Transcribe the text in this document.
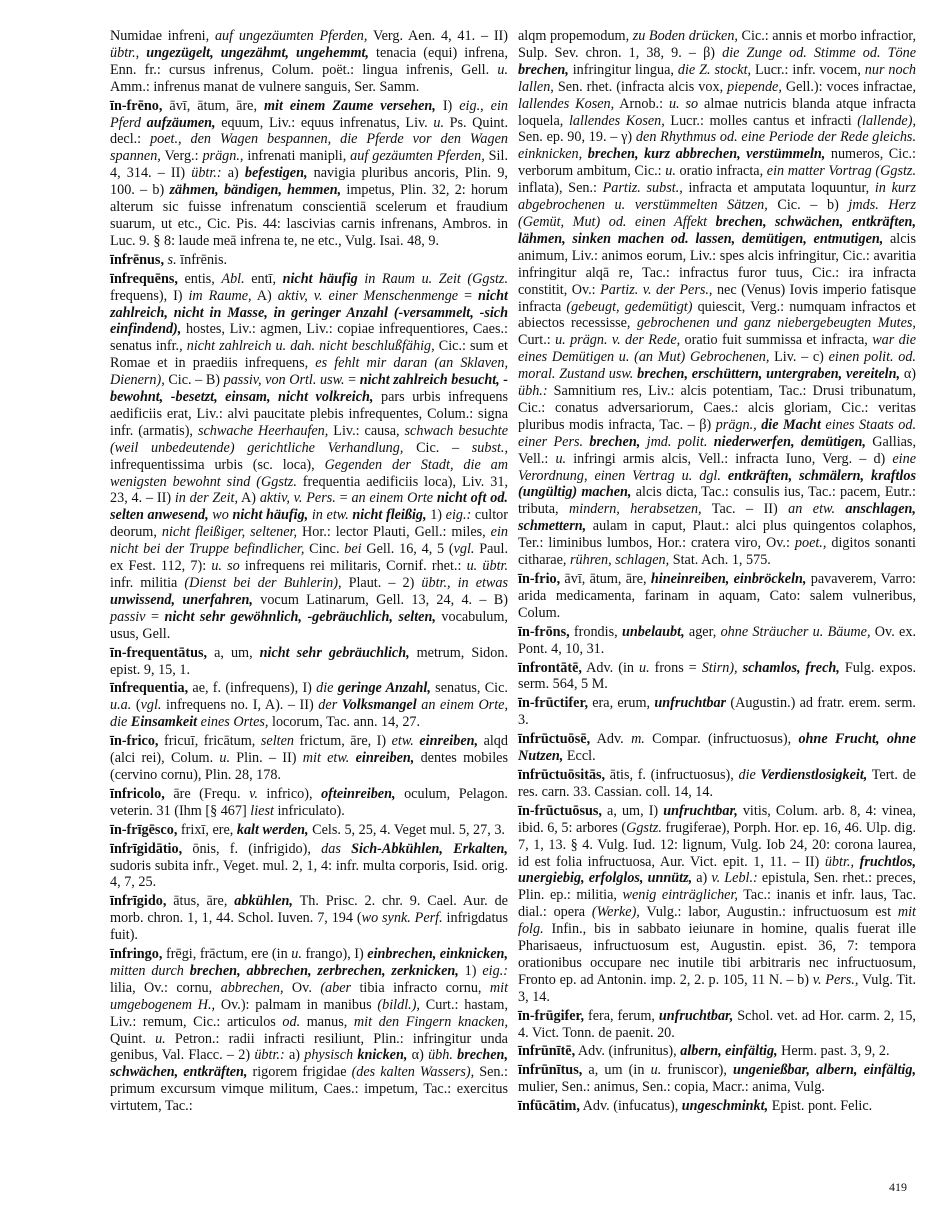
Numidae infreni, auf ungezäumten Pferden, Verg. Aen. 4, 41. – II) übtr., ungezügelt, ungezähmt, ungehemmt, tenacia (equi) infrena, Enn. fr.: cursus infrenus, Colum. poët.: lingua infrenis, Gell. u. Amm.: infrenus manat de vulnere sanguis, Ser. Samm.

īn-frēno, āvī, ātum, āre, mit einem Zaume versehen, I) eig., ein Pferd aufzäumen, equum, Liv.: equus infrenatus, Liv. u. Ps. Quint. decl.: poet., den Wagen bespannen, die Pferde vor den Wagen spannen, Verg.: prägn., infrenati manipli, auf gezäumten Pferden, Sil. 4, 314. – II) übtr.: a) befestigen, navigia pluribus ancoris, Plin. 9, 100. – b) zähmen, bändigen, hemmen, impetus, Plin. 32, 2: horum alterum sic fuisse infrenatum conscientiā scelerum et fraudium suarum, ut etc., Cic. Pis. 44: lascivias carnis infrenans, Ambros. in Luc. 9. § 8: laude meā infrena te, ne etc., Vulg. Isai. 48, 9.

īnfrēnus, s. īnfrēnis.

īnfrequēns, entis, Abl. entī, nicht häufig in Raum u. Zeit (Ggstz. frequens), I) im Raume, A) aktiv, v. einer Menschenmenge = nicht zahlreich, nicht in Masse, in geringer Anzahl (-versammelt, -sich einfindend), hostes, Liv.: agmen, Liv.: copiae infrequentiores, Caes.: senatus infr., nicht zahlreich u. dah. nicht beschlußfähig, Cic.: sum et Romae et in praediis infrequens, es fehlt mir daran (an Sklaven, Dienern), Cic. – B) passiv, von Ortl. usw. = nicht zahlreich besucht, -bewohnt, -besetzt, einsam, nicht volkreich, pars urbis infrequens aedificiis erat, Liv.: alvi paucitate plebis infrequentes, Colum.: signa infr. (armatis), schwache Heerhaufen, Liv.: causa, schwach besuchte (weil unbedeutende) gerichtliche Verhandlung, Cic. – subst., infrequentissima urbis (sc. loca), Gegenden der Stadt, die am wenigsten bewohnt sind (Ggstz. frequentia aedificiis loca), Liv. 31, 23, 4. – II) in der Zeit, A) aktiv, v. Pers. = an einem Orte nicht oft od. selten anwesend, wo nicht häufig, in etw. nicht fleißig, 1) eig.: cultor deorum, nicht fleißiger, seltener, Hor.: lector Plauti, Gell.: miles, ein nicht bei der Truppe befindlicher, Cinc. bei Gell. 16, 4, 5 (vgl. Paul. ex Fest. 112, 7): u. so infrequens rei militaris, Cornif. rhet.: u. übtr. infr. militia (Dienst bei der Buhlerin), Plaut. – 2) übtr., in etwas unwissend, unerfahren, vocum Latinarum, Gell. 13, 24, 4. – B) passiv = nicht sehr gewöhnlich, -gebräuchlich, selten, vocabulum, usus, Gell.

īn-frequentātus, a, um, nicht sehr gebräuchlich, metrum, Sidon. epist. 9, 15, 1.

īnfrequentia, ae, f. (infrequens), I) die geringe Anzahl, senatus, Cic. u.a. (vgl. infrequens no. I, A). – II) der Volksmangel an einem Orte, die Einsamkeit eines Ortes, locorum, Tac. ann. 14, 27.

īn-frico, fricuī, fricātum, selten frictum, āre, I) etw. einreiben, alqd (alci rei), Colum. u. Plin. – II) mit etw. einreiben, dentes mobiles (cervino cornu), Plin. 28, 178.

īnfricolo, āre (Frequ. v. infrico), ofteinreiben, oculum, Pelagon. veterin. 31 (Ihm [§ 467] liest infriculato).

īn-frīgēsco, frixī, ere, kalt werden, Cels. 5, 25, 4. Veget mul. 5, 27, 3.

īnfrīgidātio, ōnis, f. (infrigido), das Sich-Abkühlen, Erkalten, sudoris subita infr., Veget. mul. 2, 1, 4: infr. multa corporis, Isid. orig. 4, 7, 25.

īnfrīgido, ātus, āre, abkühlen, Th. Prisc. 2. chr. 9. Cael. Aur. de morb. chron. 1, 1, 44. Schol. Iuven. 7, 194 (wo synk. Perf. infrigdatus fuit).

īnfringo, frēgi, frāctum, ere (in u. frango), I) einbrechen, einknicken, mitten durch brechen, abbrechen, zerbrechen, zerknicken, 1) eig.: lilia, Ov.: cornu, abbrechen, Ov. (aber tibia infracto cornu, mit umgebogenem H., Ov.): palmam in manibus (bildl.), Curt.: hastam, Liv.: remum, Cic.: articulos od. manus, mit den Fingern knacken, Quint. u. Petron.: radii infracti resiliunt, Plin.: infringitur unda genibus, Val. Flacc. – 2) übtr.: a) physisch knicken, α) übh. brechen, schwächen, entkräften, rigorem frigidae (des kalten Wassers), Sen.: primum excursum vimque militum, Caes.: impetum, Tac.: exercitus virtutem, Tac.:

alqm propemodum, zu Boden drücken, Cic.: annis et morbo infractior, Sulp. Sev. chron. 1, 38, 9. – β) die Zunge od. Stimme od. Töne brechen, infringitur lingua, die Z. stockt, Lucr.: infr. vocem, nur noch lallen, Sen. rhet. (infracta alcis vox, piepende, Gell.): voces infractae, lallendes Kosen, Arnob.: u. so almae nutricis blanda atque infracta loquela, lallendes Kosen, Lucr.: molles cantus et infracti (lallende), Sen. ep. 90, 19. – γ) den Rhythmus od. eine Periode der Rede gleichs. einknicken, brechen, kurz abbrechen, verstümmeln, numeros, Cic.: verborum ambitum, Cic.: u. oratio infracta, ein matter Vortrag (Ggstz. inflata), Sen.: Partiz. subst., infracta et amputata loquuntur, in kurz abgebrochenen u. verstümmelten Sätzen, Cic. – b) jmds. Herz (Gemüt, Mut) od. einen Affekt brechen, schwächen, entkräften, lähmen, sinken machen od. lassen, demütigen, entmutigen, alcis animum, Liv.: animos eorum, Liv.: spes alcis infringitur, Cic.: avaritia infringitur alqā re, Tac.: infractus furor tuus, Cic.: ira infracta constitit, Ov.: Partiz. v. der Pers., nec (Venus) Iovis imperio fatisque infracta (gebeugt, gedemütigt) quiescit, Verg.: numquam infractos et abiectos recessisse, gebrochenen und ganz niebergebeugten Mutes, Curt.: u. prägn. v. der Rede, oratio fuit summissa et infracta, war die eines Demütigen u. (an Mut) Gebrochenen, Liv. – c) einen polit. od. moral. Zustand usw. brechen, erschüttern, untergraben, vereiteln, α) übh.: Samnitium res, Liv.: alcis potentiam, Tac.: Drusi tribunatum, Cic.: conatus adversariorum, Caes.: alcis gloriam, Cic.: veritas pluribus modis infracta, Tac. – β) prägn., die Macht eines Staats od. einer Pers. brechen, jmd. polit. niederwerfen, demütigen, Gallias, Vell.: u. infringi armis alcis, Vell.: infracta Iuno, Verg. – d) eine Verordnung, einen Vertrag u. dgl. entkräften, schmälern, kraftlos (ungültig) machen, alcis dicta, Tac.: consulis ius, Tac.: pacem, Eutr.: tributa, mindern, herabsetzen, Tac. – II) an etw. anschlagen, schmettern, aulam in caput, Plaut.: alci plus quingentos colaphos, Ter.: liminibus lumbos, Hor.: cratera viro, Ov.: poet., digitos sonanti citharae, rühren, schlagen, Stat. Ach. 1, 575.

īn-frio, āvī, ātum, āre, hineinreiben, einbröckeln, pavaverem, Varro: arida medicamenta, farinam in aquam, Cato: salem vulneribus, Colum.

īn-frōns, frondis, unbelaubt, ager, ohne Sträucher u. Bäume, Ov. ex. Pont. 4, 10, 31.

īnfrontātē, Adv. (in u. frons = Stirn), schamlos, frech, Fulg. expos. serm. 564, 5 M.

īn-frūctifer, era, erum, unfruchtbar (Augustin.) ad fratr. erem. serm. 3.

īnfrūctuōsē, Adv. m. Compar. (infructuosus), ohne Frucht, ohne Nutzen, Eccl.

īnfrūctuōsitās, ātis, f. (infructuosus), die Verdienstlosigkeit, Tert. de res. carn. 33. Cassian. coll. 14, 14.

īn-frūctuōsus, a, um, I) unfruchtbar, vitis, Colum. arb. 8, 4: vinea, ibid. 6, 5: arbores (Ggstz. frugiferae), Porph. Hor. ep. 16, 46. Ulp. dig. 7, 1, 13. § 4. Vulg. Iud. 12: lignum, Vulg. Iob 24, 20: corona laurea, id est folia infructuosa, Aur. Vict. epit. 1, 11. – II) übtr., fruchtlos, unergiebig, erfolglos, unnütz, a) v. Lebl.: epistula, Sen. rhet.: preces, Plin. ep.: militia, wenig einträglicher, Tac.: inanis et infr. laus, Tac. dial.: opera (Werke), Vulg.: labor, Augustin.: infructuosum est mit folg. Infin., bis in sabbato ieiunare in homine, qualis fuerat ille Pharisaeus, infructuosum est, Augustin. epist. 36, 7: tempora orationibus occupare nec inutile tibi arbitraris nec infructuosum, Fronto ep. ad Antonin. imp. 2, 2. p. 105, 11 N. – b) v. Pers., Vulg. Tit. 3, 14.

īn-frūgifer, fera, ferum, unfruchtbar, Schol. vet. ad Hor. carm. 2, 15, 4. Vict. Tonn. de paenit. 20.

īnfrūnītē, Adv. (infrunitus), albern, einfältig, Herm. past. 3, 9, 2.

īnfrūnītus, a, um (in u. fruniscor), ungenießbar, albern, einfältig, mulier, Sen.: animus, Sen.: copia, Macr.: anima, Vulg.

īnfūcātim, Adv. (infucatus), ungeschminkt, Epist. pont. Felic.

419
